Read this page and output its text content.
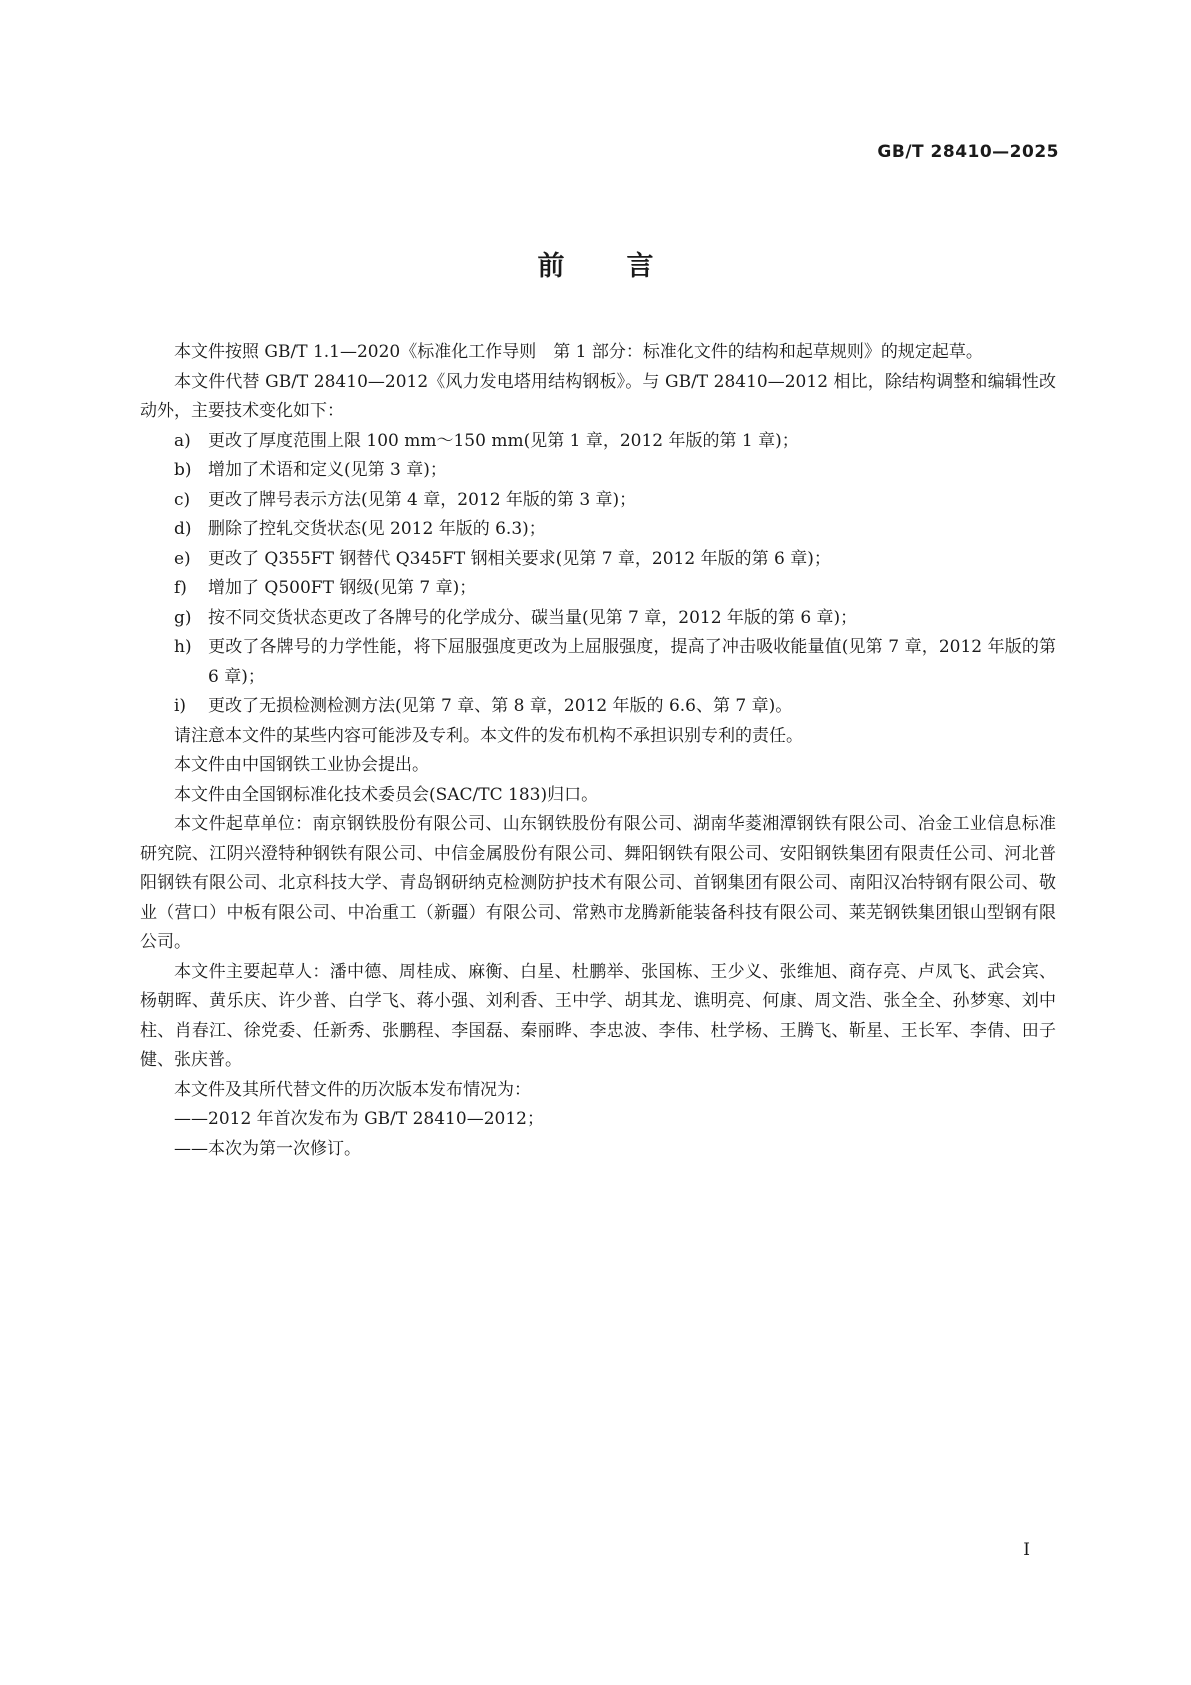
GB/T 28410—2025
前言

本文件按照 GB/T 1.1—2020《标准化工作导则　第 1 部分：标准化文件的结构和起草规则》的规定起草。

本文件代替 GB/T 28410—2012《风力发电塔用结构钢板》。与 GB/T 28410—2012 相比，除结构调整和编辑性改动外，主要技术变化如下：

a) 更改了厚度范围上限 100 mm～150 mm(见第 1 章，2012 年版的第 1 章)；
b) 增加了术语和定义(见第 3 章)；
c) 更改了牌号表示方法(见第 4 章，2012 年版的第 3 章)；
d) 删除了控轧交货状态(见 2012 年版的 6.3)；
e) 更改了 Q355FT 钢替代 Q345FT 钢相关要求(见第 7 章，2012 年版的第 6 章)；
f) 增加了 Q500FT 钢级(见第 7 章)；
g) 按不同交货状态更改了各牌号的化学成分、碳当量(见第 7 章，2012 年版的第 6 章)；
h) 更改了各牌号的力学性能，将下屈服强度更改为上屈服强度，提高了冲击吸收能量值(见第 7 章，2012 年版的第 6 章)；
i) 更改了无损检测检测方法(见第 7 章、第 8 章，2012 年版的 6.6、第 7 章)。

请注意本文件的某些内容可能涉及专利。本文件的发布机构不承担识别专利的责任。

本文件由中国钢铁工业协会提出。

本文件由全国钢标准化技术委员会(SAC/TC 183)归口。

本文件起草单位：南京钢铁股份有限公司、山东钢铁股份有限公司、湖南华菱湘潭钢铁有限公司、冶金工业信息标准研究院、江阴兴澄特种钢铁有限公司、中信金属股份有限公司、舞阳钢铁有限公司、安阳钢铁集团有限责任公司、河北普阳钢铁有限公司、北京科技大学、青岛钢研纳克检测防护技术有限公司、首钢集团有限公司、南阳汉冶特钢有限公司、敬业（营口）中板有限公司、中冶重工（新疆）有限公司、常熟市龙腾新能装备科技有限公司、莱芜钢铁集团银山型钢有限公司。

本文件主要起草人：潘中德、周桂成、麻衡、白星、杜鹏举、张国栋、王少义、张维旭、商存亮、卢凤飞、武会宾、杨朝晖、黄乐庆、许少普、白学飞、蒋小强、刘利香、王中学、胡其龙、谯明亮、何康、周文浩、张全全、孙梦寒、刘中柱、肖春江、徐党委、任新秀、张鹏程、李国磊、秦丽晔、李忠波、李伟、杜学杨、王腾飞、靳星、王长军、李倩、田子健、张庆普。

本文件及其所代替文件的历次版本发布情况为：

——2012 年首次发布为 GB/T 28410—2012；

——本次为第一次修订。

I
